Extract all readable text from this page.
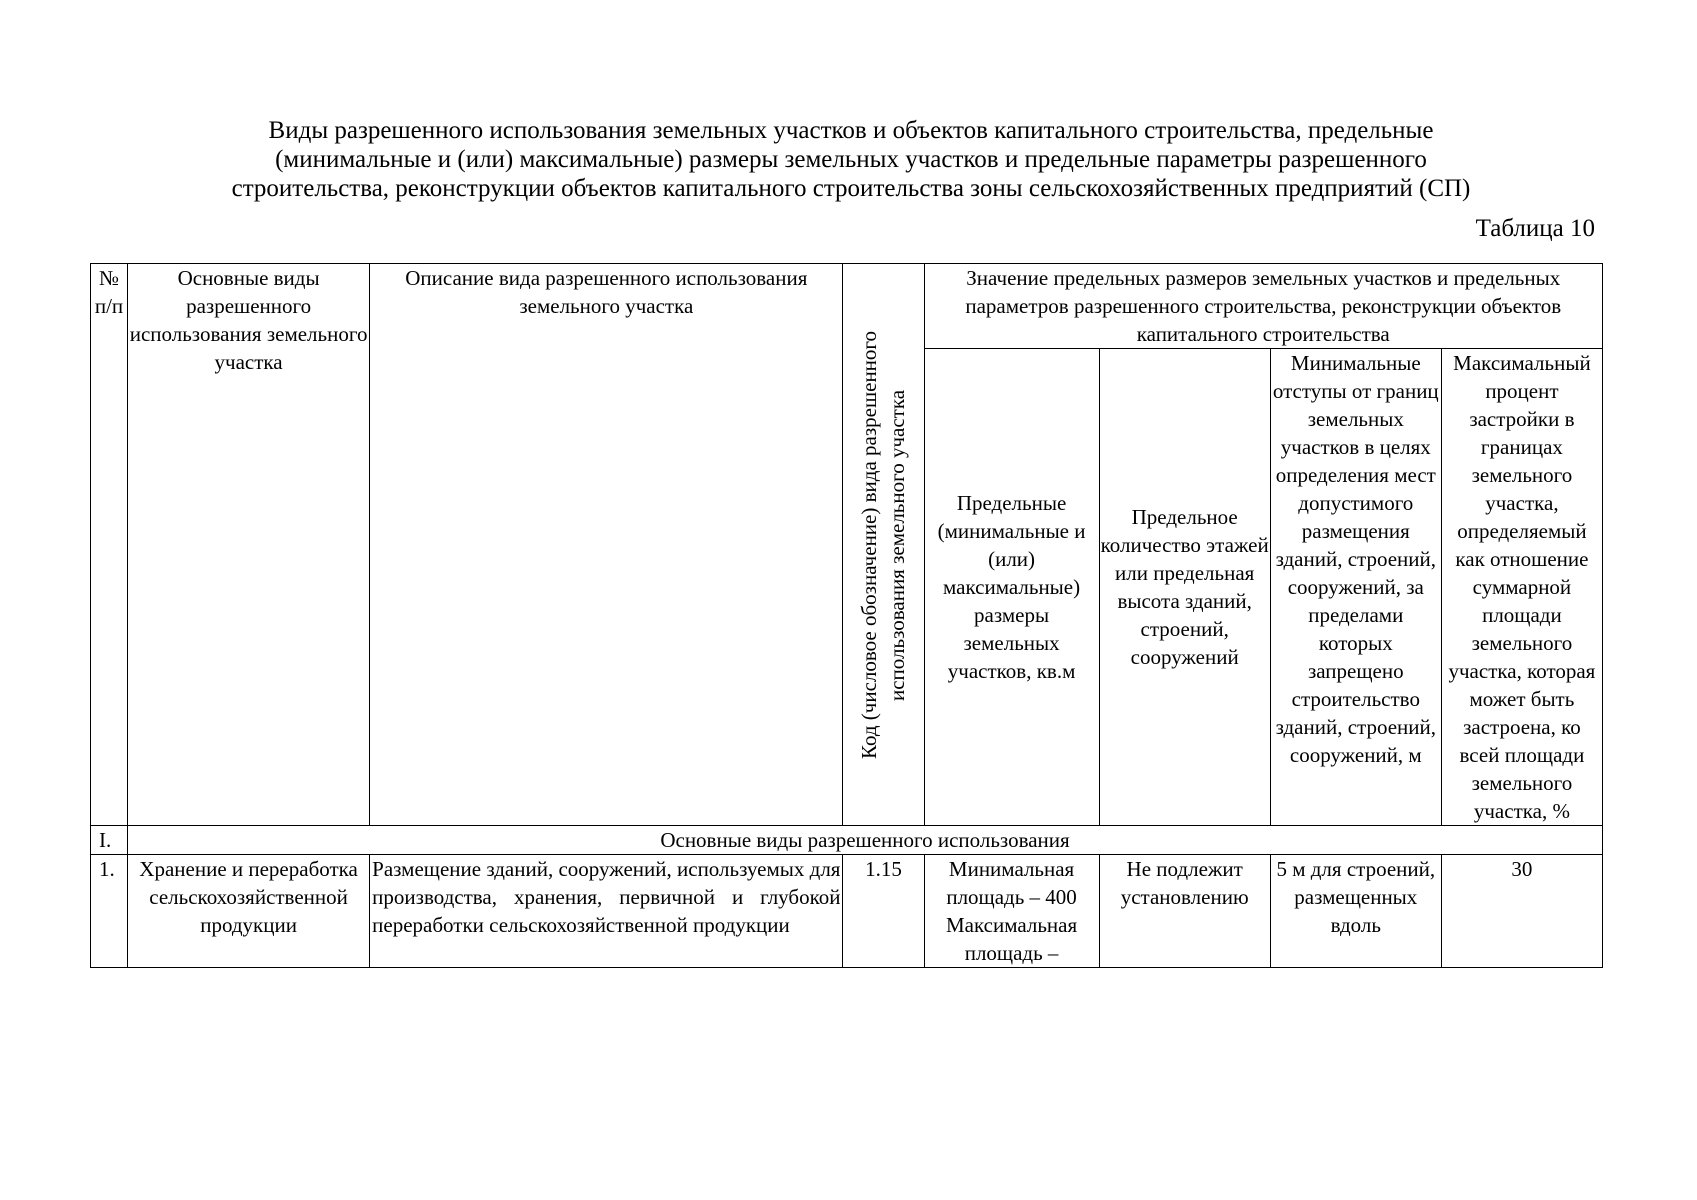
Виды разрешенного использования земельных участков и объектов капитального строительства, предельные
(минимальные и (или) максимальные) размеры земельных участков и предельные параметры разрешенного
строительства, реконструкции объектов капитального строительства зоны сельскохозяйственных предприятий (СП)
Таблица 10
№ п/п	Основные виды разрешенного использования земельного участка	Описание вида разрешенного использования земельного участка	Код (числовое обозначение) вида разрешенного использования земельного участка	Значение предельных размеров земельных участков и предельных параметров разрешенного строительства, реконструкции объектов капитального строительства			
				Предельные (минимальные и (или) максимальные) размеры земельных участков, кв.м	Предельное количество этажей или предельная высота зданий, строений, сооружений	Минимальные отступы от границ земельных участков в целях определения мест допустимого размещения зданий, строений, сооружений, за пределами которых запрещено строительство зданий, строений, сооружений, м	Максимальный процент застройки в границах земельного участка, определяемый как отношение суммарной площади земельного участка, которая может быть застроена, ко всей площади земельного участка, %
I.	Основные виды разрешенного использования						
1.	Хранение и переработка сельскохозяйственной продукции	Размещение зданий, сооружений, используемых для производства, хранения, первичной и глубокой переработки сельскохозяйственной продукции	1.15	Минимальная площадь – 400 Максимальная площадь –	Не подлежит установлению	5 м для строений, размещенных вдоль	30
